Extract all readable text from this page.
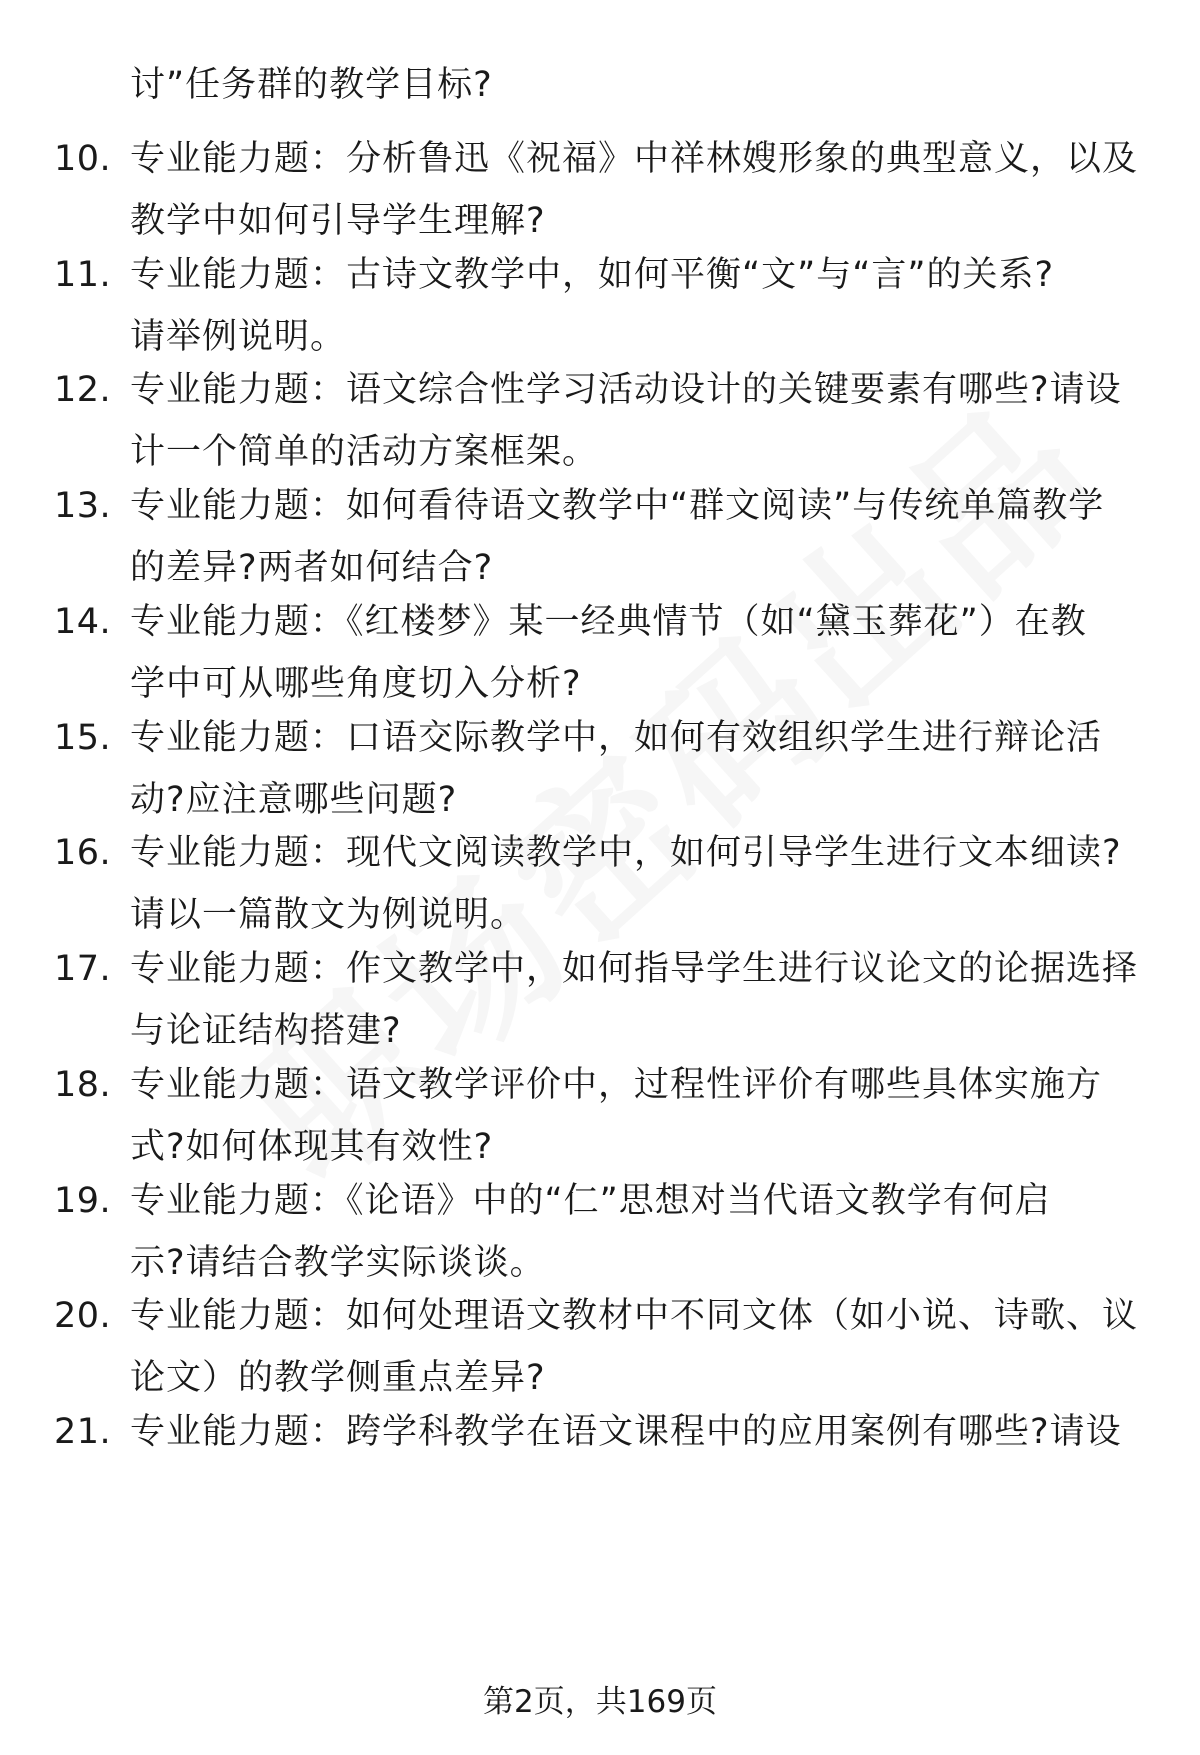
讨”任务群的教学目标?
10. 专业能力题：分析鲁迅《祝福》中祥林嫂形象的典型意义，以及
教学中如何引导学生理解?
11. 专业能力题：古诗文教学中，如何平衡“文”与“言”的关系?
请举例说明。
12. 专业能力题：语文综合性学习活动设计的关键要素有哪些?请设
计一个简单的活动方案框架。
13. 专业能力题：如何看待语文教学中“群文阅读”与传统单篇教学
的差异?两者如何结合?
14. 专业能力题：《红楼梦》某一经典情节（如“黛玉葬花”）在教
学中可从哪些角度切入分析?
15. 专业能力题：口语交际教学中，如何有效组织学生进行辩论活
动?应注意哪些问题?
16. 专业能力题：现代文阅读教学中，如何引导学生进行文本细读?
请以一篇散文为例说明。
17. 专业能力题：作文教学中，如何指导学生进行议论文的论据选择
与论证结构搭建?
18. 专业能力题：语文教学评价中，过程性评价有哪些具体实施方
式?如何体现其有效性?
19. 专业能力题：《论语》中的“仁”思想对当代语文教学有何启
示?请结合教学实际谈谈。
20. 专业能力题：如何处理语文教材中不同文体（如小说、诗歌、议
论文）的教学侧重点差异?
21. 专业能力题：跨学科教学在语文课程中的应用案例有哪些?请设
第2页，共169页
